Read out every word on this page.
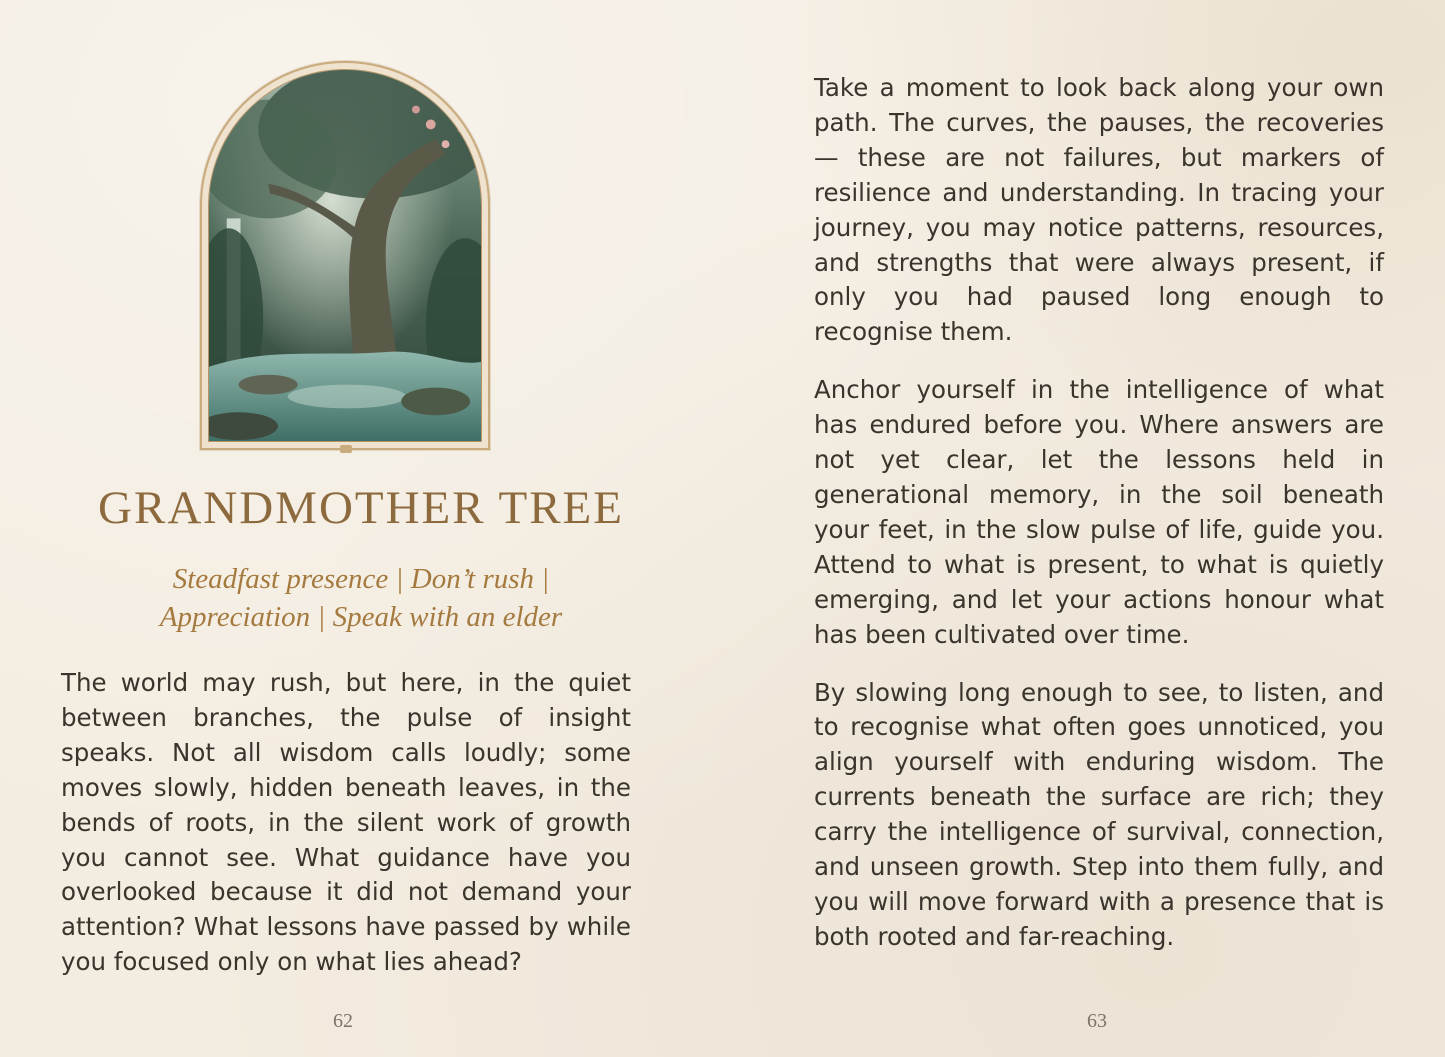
GRANDMOTHER TREE
Steadfast presence | Don’t rush |
Appreciation | Speak with an elder

The world may rush, but here, in the quiet between branches, the pulse of insight speaks. Not all wisdom calls loudly; some moves slowly, hidden beneath leaves, in the bends of roots, in the silent work of growth you cannot see. What guidance have you overlooked because it did not demand your attention? What lessons have passed by while you focused only on what lies ahead?

62

Take a moment to look back along your own path. The curves, the pauses, the recoveries — these are not failures, but markers of resilience and understanding. In tracing your journey, you may notice patterns, resources, and strengths that were always present, if only you had paused long enough to recognise them.

Anchor yourself in the intelligence of what has endured before you. Where answers are not yet clear, let the lessons held in generational memory, in the soil beneath your feet, in the slow pulse of life, guide you. Attend to what is present, to what is quietly emerging, and let your actions honour what has been cultivated over time.

By slowing long enough to see, to listen, and to recognise what often goes unnoticed, you align yourself with enduring wisdom. The currents beneath the surface are rich; they carry the intelligence of survival, connection, and unseen growth. Step into them fully, and you will move forward with a presence that is both rooted and far-reaching.

63
